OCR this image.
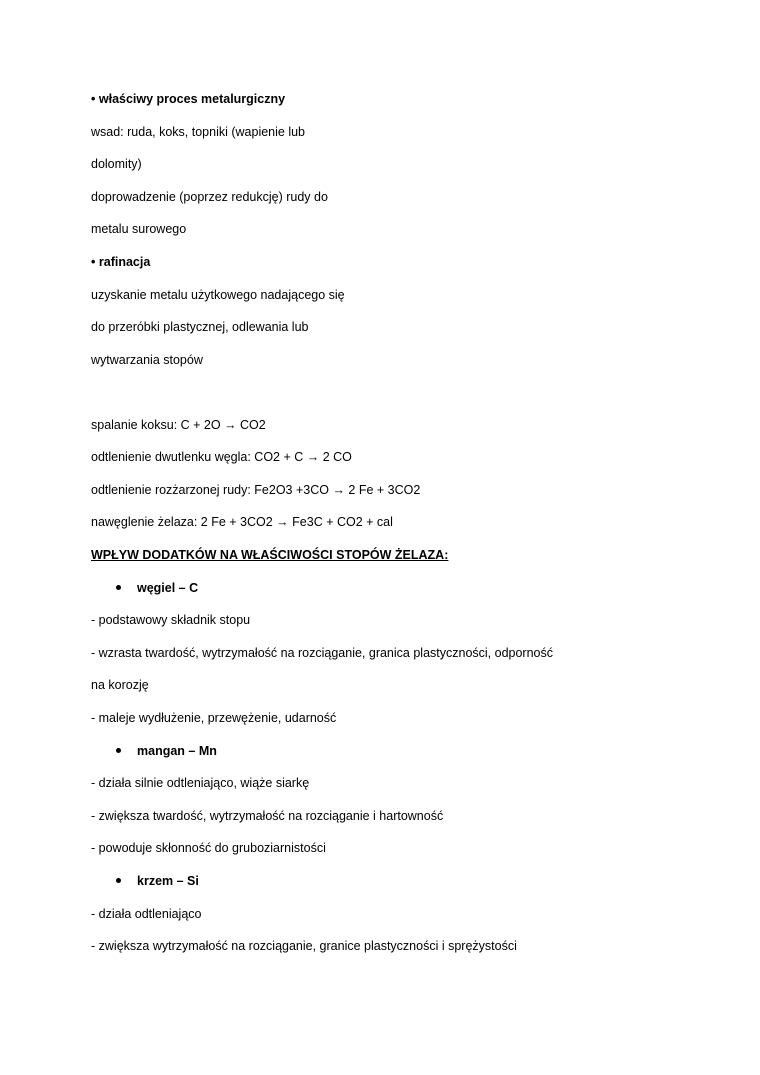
• właściwy proces metalurgiczny
wsad: ruda, koks, topniki (wapienie lub
dolomity)
doprowadzenie (poprzez redukcję) rudy do
metalu surowego
• rafinacja
uzyskanie metalu użytkowego nadającego się
do przeróbki plastycznej, odlewania lub
wytwarzania stopów
spalanie koksu: C + 2O → CO2
odtlenienie dwutlenku węgla: CO2 + C → 2 CO
odtlenienie rozżarzonej rudy: Fe2O3 +3CO → 2 Fe + 3CO2
nawęglenie żelaza: 2 Fe + 3CO2 → Fe3C + CO2 + cal
WPŁYW DODATKÓW NA WŁAŚCIWOŚCI STOPÓW ŻELAZA:
węgiel – C
- podstawowy składnik stopu
- wzrasta twardość, wytrzymałość na rozciąganie, granica plastyczności, odporność
na korozję
- maleje wydłużenie, przewężenie, udarność
mangan – Mn
- działa silnie odtleniająco, wiąże siarkę
- zwiększa twardość, wytrzymałość na rozciąganie i hartowność
- powoduje skłonność do gruboziarnistości
krzem – Si
- działa odtleniająco
- zwiększa wytrzymałość na rozciąganie, granice plastyczności i sprężystości
